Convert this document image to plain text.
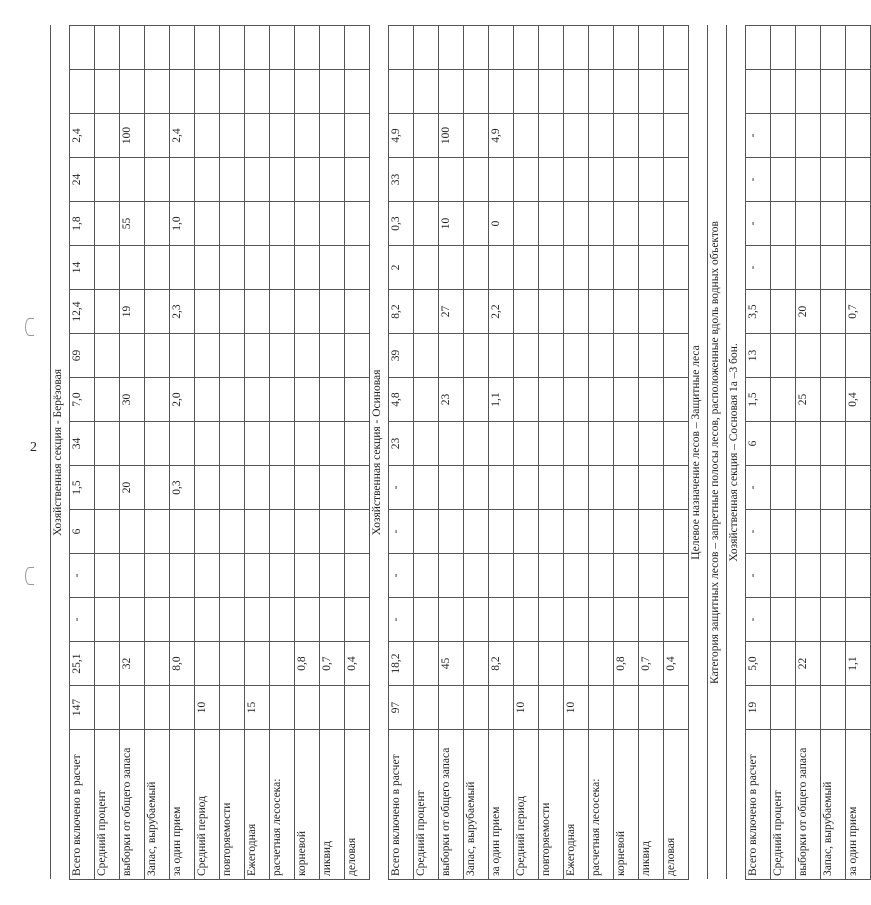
2 Хозяйственная секция - Берёзовая																
Всего включено в расчет	147	25,1	-	-	6	1,5	34	7,0	69	12,4	14	1,8	24	2,4		
Средний процент																
выборки от общего запаса		32				20		30		19		55		100		
Запас, вырубаемый																
за один прием		8,0				0,3		2,0		2,3		1,0		2,4		
Средний период	10															
повторяемости																
Ежегодная	15															
расчетная лесосека:																
корневой		0,8														
ликвид		0,7														
деловая		0,4														
Хозяйственная секция - Осиновая																
Всего включено в расчет	97	18,2	-	-	-	-	23	4,8	39	8,2	2	0,3	33	4,9		
Средний процент																
выборки от общего запаса		45						23		27		10		100		
Запас, вырубаемый																
за один прием		8,2						1,1		2,2		0		4,9		
Средний период	10															
повторяемости																
Ежегодная	10															
расчетная лесосека:																
корневой		0,8														
ликвид		0,7														
деловая		0,4														
Целевое назначение лесов – Защитные леса																
Категория защитных лесов – запретные полосы лесов, расположенные вдоль водных объектов																
Хозяйственная секция – Сосновая 1а –3 бон.																
Всего включено в расчет	19	5,0	-	-	-	-	6	1,5	13	3,5	-	-	-	-		
Средний процент																
выборки от общего запаса		22						25		20						
Запас, вырубаемый																
за один прием		1,1						0,4		0,7						
